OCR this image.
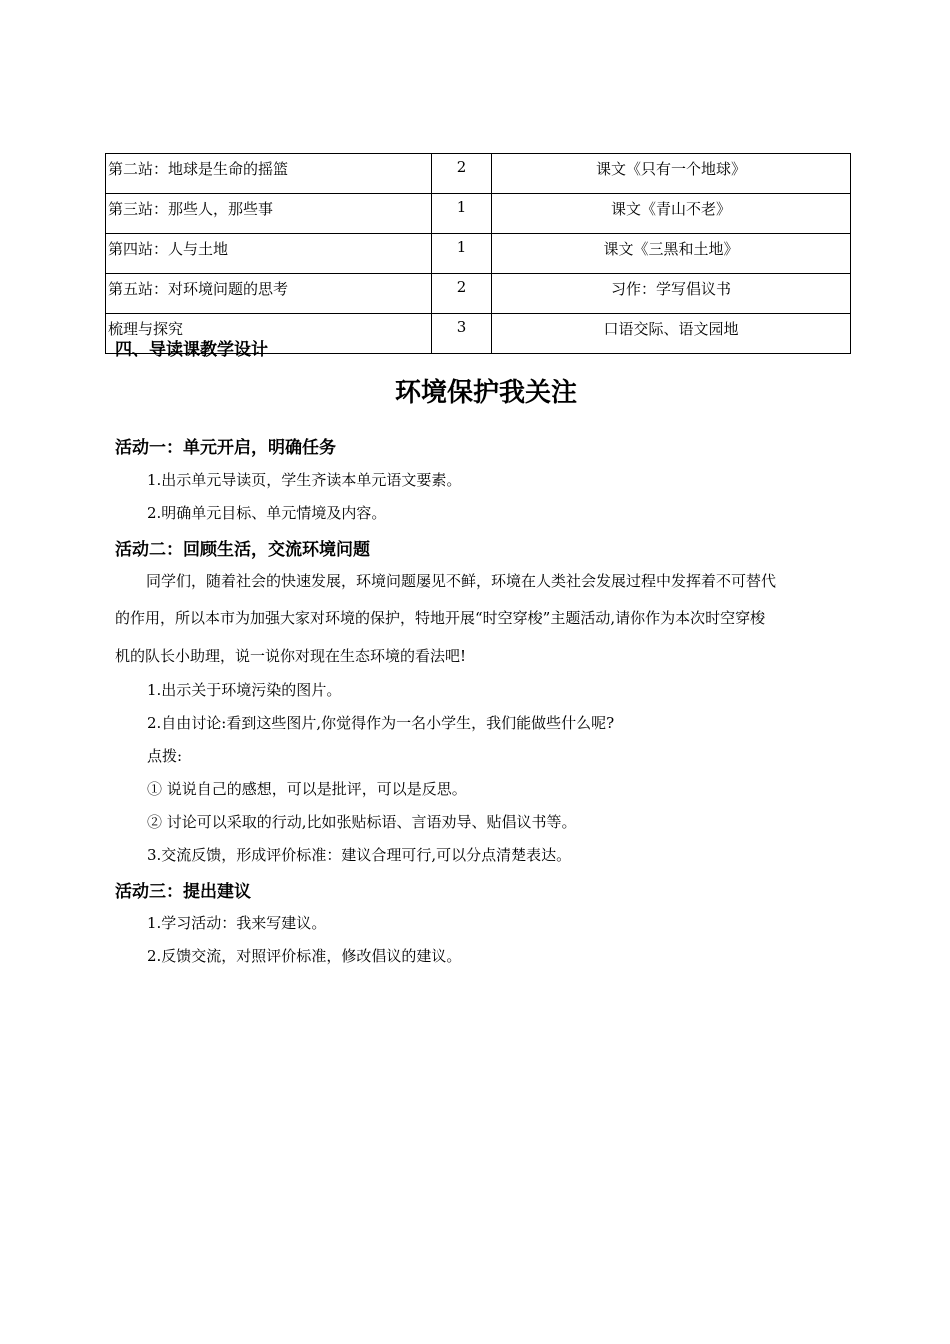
第二站：地球是生命的摇篮	2	课文《只有一个地球》
第三站：那些人，那些事	1	课文《青山不老》
第四站：人与土地	1	课文《三黑和土地》
第五站：对环境问题的思考	2	习作：学写倡议书
梳理与探究	3	口语交际、语文园地
四、导读课教学设计
环境保护我关注
活动一：单元开启，明确任务
1.出示单元导读页，学生齐读本单元语文要素。
2.明确单元目标、单元情境及内容。
活动二：回顾生活，交流环境问题
同学们，随着社会的快速发展，环境问题屡见不鲜，环境在人类社会发展过程中发挥着不可替代
的作用，所以本市为加强大家对环境的保护，特地开展“时空穿梭”主题活动,请你作为本次时空穿梭
机的队长小助理，说一说你对现在生态环境的看法吧!
1.出示关于环境污染的图片。
2.自由讨论:看到这些图片,你觉得作为一名小学生，我们能做些什么呢?
点拨:
① 说说自己的感想，可以是批评，可以是反思。
② 讨论可以采取的行动,比如张贴标语、言语劝导、贴倡议书等。
3.交流反馈，形成评价标准：建议合理可行,可以分点清楚表达。
活动三：提出建议
1.学习活动：我来写建议。
2.反馈交流，对照评价标准，修改倡议的建议。
